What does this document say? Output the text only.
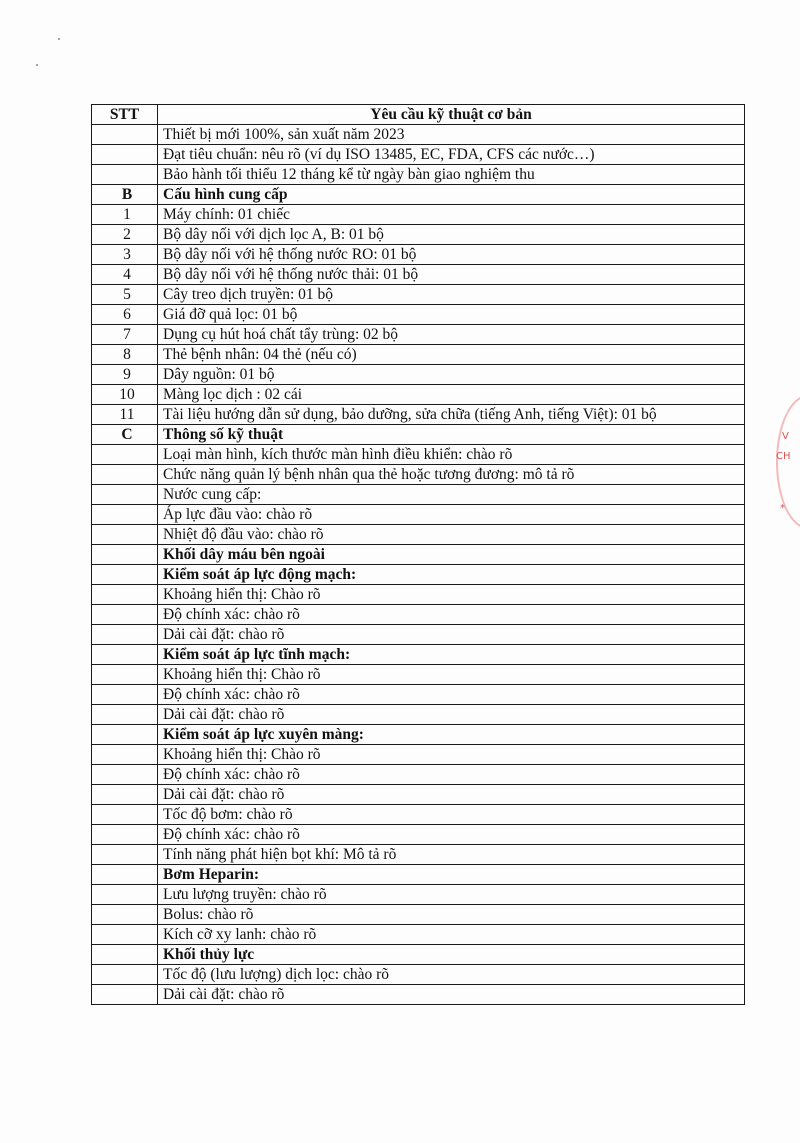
STT	Yêu cầu kỹ thuật cơ bản
	Thiết bị mới 100%, sản xuất năm 2023
	Đạt tiêu chuẩn: nêu rõ (ví dụ ISO 13485, EC, FDA, CFS các nước…)
	Bảo hành tối thiểu 12 tháng kể từ ngày bàn giao nghiệm thu
B	Cấu hình cung cấp
1	Máy chính: 01 chiếc
2	Bộ dây nối với dịch lọc A, B: 01 bộ
3	Bộ dây nối với hệ thống nước RO: 01 bộ
4	Bộ dây nối với hệ thống nước thải: 01 bộ
5	Cây treo dịch truyền: 01 bộ
6	Giá đỡ quả lọc: 01 bộ
7	Dụng cụ hút hoá chất tẩy trùng: 02 bộ
8	Thẻ bệnh nhân: 04 thẻ (nếu có)
9	Dây nguồn: 01 bộ
10	Màng lọc dịch : 02 cái
11	Tài liệu hướng dẫn sử dụng, bảo dưỡng, sửa chữa (tiếng Anh, tiếng Việt): 01 bộ
C	Thông số kỹ thuật
	Loại màn hình, kích thước màn hình điều khiển: chào rõ
	Chức năng quản lý bệnh nhân qua thẻ hoặc tương đương: mô tả rõ
	Nước cung cấp:
	Áp lực đầu vào: chào rõ
	Nhiệt độ đầu vào: chào rõ
	Khối dây máu bên ngoài
	Kiểm soát áp lực động mạch:
	Khoảng hiển thị: Chào rõ
	Độ chính xác: chào rõ
	Dải cài đặt: chào rõ
	Kiểm soát áp lực tĩnh mạch:
	Khoảng hiển thị: Chào rõ
	Độ chính xác: chào rõ
	Dải cài đặt: chào rõ
	Kiểm soát áp lực xuyên màng:
	Khoảng hiển thị: Chào rõ
	Độ chính xác: chào rõ
	Dải cài đặt: chào rõ
	Tốc độ bơm: chào rõ
	Độ chính xác: chào rõ
	Tính năng phát hiện bọt khí: Mô tả rõ
	Bơm Heparin:
	Lưu lượng truyền: chào rõ
	Bolus: chào rõ
	Kích cỡ xy lanh: chào rõ
	Khối thủy lực
	Tốc độ (lưu lượng) dịch lọc: chào rõ
	Dải cài đặt: chào rõ
V
CH
*
